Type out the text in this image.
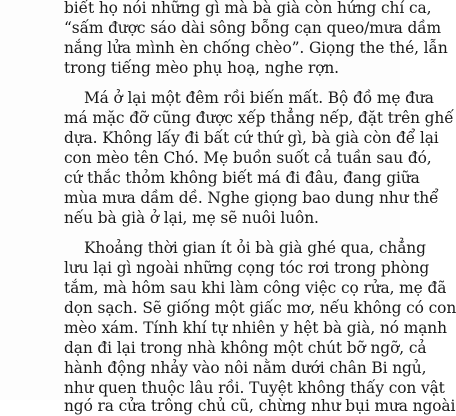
biết họ nói những gì mà bà già còn hứng chí ca,
“sấm được sáo dài sông bỗng cạn queo/mưa dầm
nắng lửa mình èn chống chèo”. Giọng the thé, lẫn
trong tiếng mèo phụ hoạ, nghe rợn.
Má ở lại một đêm rồi biến mất. Bộ đồ mẹ đưa
má mặc đỡ cũng được xếp thẳng nếp, đặt trên ghế
dựa. Không lấy đi bất cứ thứ gì, bà già còn để lại
con mèo tên Chó. Mẹ buồn suốt cả tuần sau đó,
cứ thắc thỏm không biết má đi đâu, đang giữa
mùa mưa dầm dề. Nghe giọng bao dung như thể
nếu bà già ở lại, mẹ sẽ nuôi luôn.
Khoảng thời gian ít ỏi bà già ghé qua, chẳng
lưu lại gì ngoài những cọng tóc rơi trong phòng
tắm, mà hôm sau khi làm công việc cọ rửa, mẹ đã
dọn sạch. Sẽ giống một giấc mơ, nếu không có con
mèo xám. Tính khí tự nhiên y hệt bà già, nó mạnh
dạn đi lại trong nhà không một chút bỡ ngỡ, cả
hành động nhảy vào nôi nằm dưới chân Bi ngủ,
như quen thuộc lâu rồi. Tuyệt không thấy con vật
ngó ra cửa trông chủ cũ, chừng như bụi mưa ngoài
